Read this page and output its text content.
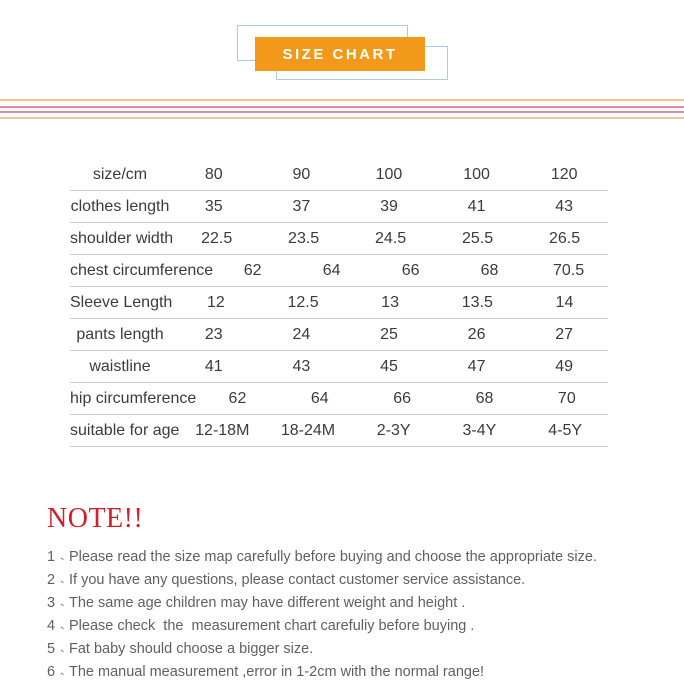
SIZE CHART
size/cm	80	90	100	100	120
clothes length	35	37	39	41	43
shoulder width	22.5	23.5	24.5	25.5	26.5
chest circumference	62	64	66	68	70.5
Sleeve Length	12	12.5	13	13.5	14
pants length	23	24	25	26	27
waistline	41	43	45	47	49
hip circumference	62	64	66	68	70
suitable for age 12-18M	18-24M	2-3Y	3-4Y	4-5Y
NOTE!!
1 , Please read the size map carefully before buying and choose the appropriate size.
2 , If you have any questions, please contact customer service assistance.
3 , The same age children may have different weight and height .
4 , Please check  the  measurement chart carefuliy before buying .
5 , Fat baby should choose a bigger size.
6 , The manual measurement ,error in 1-2cm with the normal range!
